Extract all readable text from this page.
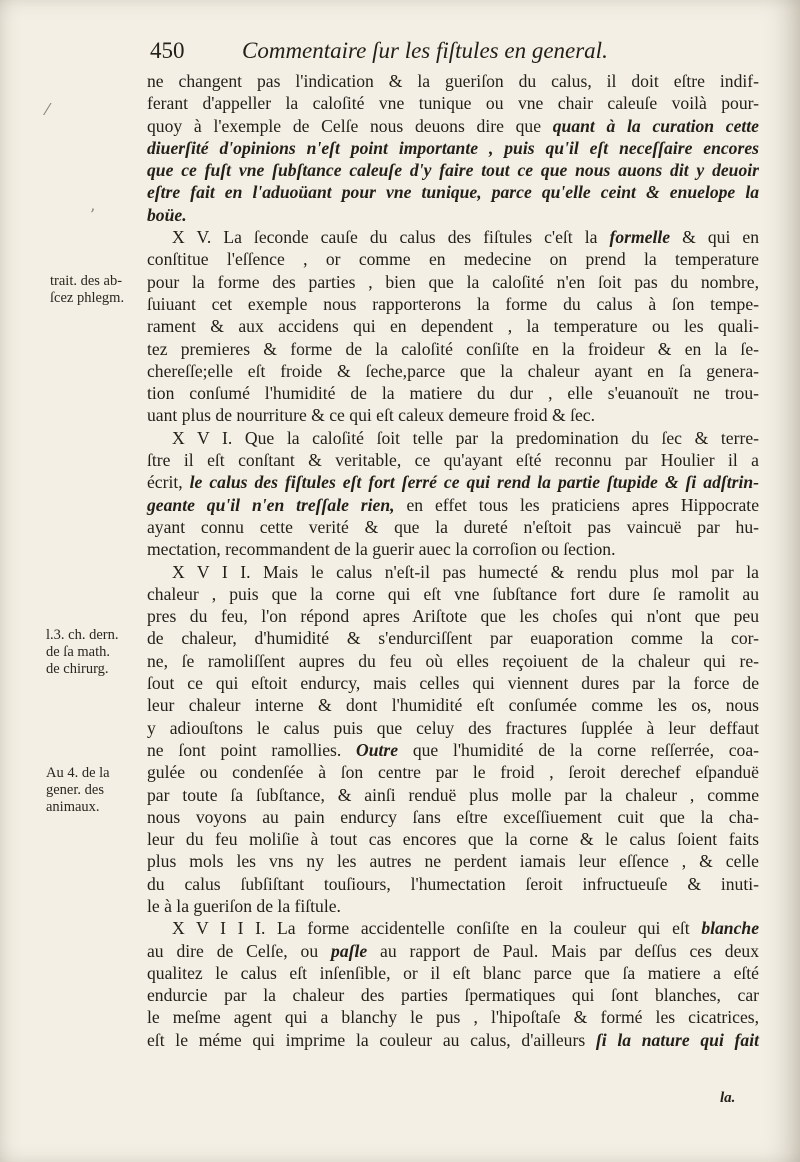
450	Commentaire ſur les fiſtules en general.
trait. des ab-
ſcez phlegm.
l.3. ch. dern.
de ſa math.
de chirurg.
Au 4. de la
gener. des
animaux.
⁄
’
ne changent pas l'indication & la gueriſon du calus, il doit eſtre indif-
ferant d'appeller la caloſité vne tunique ou vne chair caleuſe voilà pour-
quoy à l'exemple de Celſe nous deuons dire que quant à la curation cette
diuerſité d'opinions n'eſt point importante , puis qu'il eſt neceſſaire encores
que ce fuſt vne ſubſtance caleuſe d'y faire tout ce que nous auons dit y deuoir
eſtre fait en l'aduoüant pour vne tunique, parce qu'elle ceint & enuelope la
boüe.
X V. La ſeconde cauſe du calus des fiſtules c'eſt la formelle & qui en
conſtitue l'eſſence , or comme en medecine on prend la temperature
pour la forme des parties , bien que la caloſité n'en ſoit pas du nombre,
ſuiuant cet exemple nous rapporterons la forme du calus à ſon tempe-
rament & aux accidens qui en dependent , la temperature ou les quali-
tez premieres & forme de la caloſité conſiſte en la froideur & en la ſe-
chereſſe;elle eſt froide & ſeche,parce que la chaleur ayant en ſa genera-
tion conſumé l'humidité de la matiere du dur , elle s'euanouït ne trou-
uant plus de nourriture & ce qui eſt caleux demeure froid & ſec.
X V I. Que la caloſité ſoit telle par la predomination du ſec & terre-
ſtre il eſt conſtant & veritable, ce qu'ayant eſté reconnu par Houlier il a
écrit, le calus des fiſtules eſt fort ſerré ce qui rend la partie ſtupide & ſi adſtrin-
geante qu'il n'en treſſale rien, en effet tous les praticiens apres Hippocrate
ayant connu cette verité & que la dureté n'eſtoit pas vaincuë par hu-
mectation, recommandent de la guerir auec la corroſion ou ſection.
X V I I. Mais le calus n'eſt-il pas humecté & rendu plus mol par la
chaleur , puis que la corne qui eſt vne ſubſtance fort dure ſe ramolit au
pres du feu, l'on répond apres Ariſtote que les choſes qui n'ont que peu
de chaleur, d'humidité & s'endurciſſent par euaporation comme la cor-
ne, ſe ramoliſſent aupres du feu où elles reçoiuent de la chaleur qui re-
ſout ce qui eſtoit endurcy, mais celles qui viennent dures par la force de
leur chaleur interne & dont l'humidité eſt conſumée comme les os, nous
y adiouſtons le calus puis que celuy des fractures ſupplée à leur deffaut
ne ſont point ramollies. Outre que l'humidité de la corne reſſerrée, coa-
gulée ou condenſée à ſon centre par le froid , ſeroit derechef eſpanduë
par toute ſa ſubſtance, & ainſi renduë plus molle par la chaleur , comme
nous voyons au pain endurcy ſans eſtre exceſſiuement cuit que la cha-
leur du feu moliſie à tout cas encores que la corne & le calus ſoient faits
plus mols les vns ny les autres ne perdent iamais leur eſſence , & celle
du calus ſubſiſtant touſiours, l'humectation ſeroit infructueuſe & inuti-
le à la gueriſon de la fiſtule.
X V I I I. La forme accidentelle conſiſte en la couleur qui eſt blanche
au dire de Celſe, ou paſle au rapport de Paul. Mais par deſſus ces deux
qualitez le calus eſt inſenſible, or il eſt blanc parce que ſa matiere a eſté
endurcie par la chaleur des parties ſpermatiques qui ſont blanches, car
le meſme agent qui a blanchy le pus , l'hipoſtaſe & formé les cicatrices,
eſt le méme qui imprime la couleur au calus, d'ailleurs ſi la nature qui fait
la.
